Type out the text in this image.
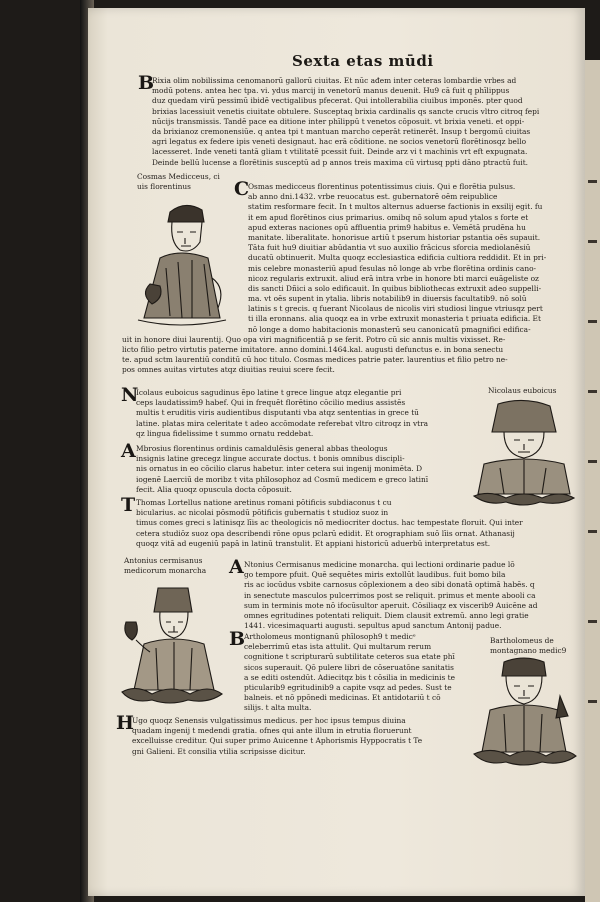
Sexta etas mūdi
B
Rixia olim nobilissima cenomanorū gallorū ciuitas. Et nūc ađem inter ceteras lombardie vrbes ad
modū potens. antea hec tpa. vi. ydus marcij in venetorū manus deuenit. Hu9 cā fuit q phīlippus
duz quedam virū pessimū ibidē vectigalibus pfecerat. Qui intollerabilia ciuibus imponēs. pter quod
brixias lacessiuit venetis ciuitate obtulere. Susceptaq brixia cardinalis qs sancte crucis vltro citroq fepi
nūcijs transmissis. Tandē pace ea ditione inter phīlippū t venetos cōposuit. vt brixia veneti. et oppi-
da brixianoz cremonensiūe. q antea tpi t mantuan marcho ceperāt retinerēt. Insup t bergomū ciuitas
agri legatus ex federe ipis veneti designaut. hac erā cōditione. ne socios venetorū florētinosqz bello
lacesseret. Inde veneti tantā gliam t vtilitatē pcessit fuit. Deinde arz vi t machinis vrt eft expugnata.
Deinde bellū lucense a florētinis susceptū ad p annos treis maxima cū virtusq ppti dāno ptractū fuit.
Cosmas Medicceus, ci
uis florentinus	C
Osmas medicceus florentinus potentissimus ciuis. Qui e florētia pulsus.
ab anno dni.1432. vrbe reuocatus est. gubernatorē oēm reipublice
statim resformare fecit. In t multos alternus aduerse factionis in exsilij egit. fu
it em apud florētinos cius primarius. omibq nō solum apud ytalos s forte et
apud exteras naciones opū affluentia prim9 habitus e. Vemētā prudēna hu
manitate. liberalitate. honorisue artiū t pserum historiar pstantia oēs supauit.
Tāta fuit hu9 diuitiar abūdantia vt suo auxilio frācicus sforcia mediolanēsiū
ducatū obtinuerit. Multa quoqz ecclesiastica edificia cultiora reddidit. Et in pri-
mis celebre monasteriū apud fesulas nō longe ab vrbe florētina ordinis cano-
nicoz regularis extruxit. aliud erā intra vrbe in honore bti marci euāgeliste oz
dis sancti Dñici a solo edificauit. In quibus bibliothecas extruxit adeo suppelli-
ma. vt oēs supent in ytalia. libris notabilib9 in diuersis facultatib9. nō solū
latinis s t grecis. q fuerant Nicolaus de nicolis viri studiosi lingue vtriusqz pert
ti illa eronnans. alia quoqz ea in vrbe extruxit monasteria t priuata edificia. Et
nō longe a domo habitacionis monasterū seu canonicatū pmagnifici edifica-
uit in honore diui laurentij. Quo opa viri magnificentiā p se ferit. Potro cū sic annis multis vixisset. Re-
licto filio petro virtutis paterne imitatore. anno domini.1464.kal. augusti defunctus e. in bona senectu
te. apud sctm laurentiū conditū cū hoc titulo. Cosmas medices patrie pater. laurentius et filio petro ne-
pos omnes auitas virtutes atqz diuitias reuiui scere fecit.
Nicolaus euboicus
N
Icolaus euboicus sagudinus ēpo latine t grece lingue atqz elegantie pri
ceps laudatissim9 habef. Qui in frequēt florētino cōcilio medius assistēs
multis t eruditis viris audientibus disputanti vba atqz sententias in grece tū
latine. platas mira celeritate t adeo accōmodate referebat vltro citroqz in vtra
qz lingua fidelissime t summo ornatu reddebat.
A Mbrosius florentinus ordinis camaldulēsis general abbas theologus
insignis latine grecegz lingue accurate doctus. t bonis omnibus discipli-
nis ornatus in eo cōcilio clarus habetur. inter cetera sui ingenij monimēta. D
iogenē Laerciū de moribz t vita phīlosophoz ad Cosmū medicem e greco latinī
fecit. Alia quoqz opuscula docta cōposuit.
T Thomas Lortellus natione aretinus romani pōtificis subdiaconus t cu
bicularius. ac nicolai pōsmodū pōtificis gubernatis t studioz suoz in
timus comes greci s latinisqz līis ac theologicis nō mediocriter doctus. hac tempestate floruit. Qui inter
cetera studiōz suoz opa describendi rōne opus pclarū edidit. Et orographiam suō līis ornat. Athanasij
quoqz vitā ad eugeniū papā in latinū transtulit. Et appiani historicū aduerbū interpretatus est.
Antonius cermisanus
medicorum monarcha A Ntonius Cermisanus medicine monarcha. qui lectioni ordinarie padue lō
go tempore pfuit. Quē sequētes miris extollūt laudibus. fuit bomo bila
ris ac iocūdus vsbite carnosus cōplexionem a deo sibi donatā optimā habēs. q
in senectute masculos pulcerrimos post se reliquit. primus et mente abooli ca
sum in terminis mote nō ifocūsultor aperuit. Cōsiliaqz ex viscerib9 Auicēne ad
omnes egritudines potentati reliquit. Diem clausit extremū. anno legi gratie
1441. vicesimaquarti augusti. sepultus apud sanctum Antonij padue.
B
Artholomeus montignanū phīlosoph9 t medicᵉ
celeberrimū etas ista attulit. Qui multarum rerum
cognitione t scripturarū subtilitate ceteros sua etate phī
sicos superauit. Qō pulere libri de cōseruatōne sanitatis
a se editi ostendūt. Adiecitqz bis t cōsilia in medicinis te
pticularib9 egritudinib9 a capite vsqz ad pedes. Sust te
balneis. et nō ppōnedi medicinas. Et antidotariū t cō
silijs. t alta multa.
Bartholomeus de
montagnano medic9
H
Ugo quoqz Senensis vulgatissimus medicus. per hoc ipsus tempus diuina
quadam ingenij t medendi gratia. ofnes qui ante illum in etrutia floruerunt
excelluisse creditur. Qui super primo Auicenne t Aphorismis Hyppocratis t Te
gni Galieni. Et consilia vtilia scripsisse dicitur.
